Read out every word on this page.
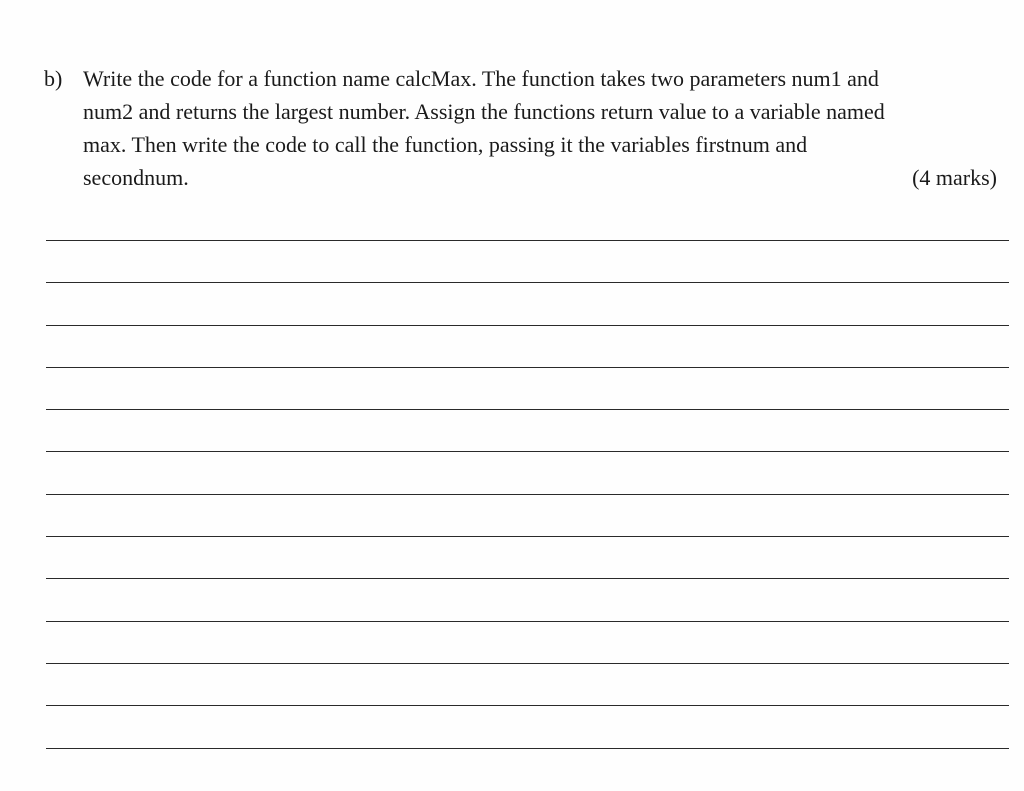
b) Write the code for a function name calcMax. The function takes two parameters num1 and
num2 and returns the largest number. Assign the functions return value to a variable named
max. Then write the code to call the function, passing it the variables firstnum and
secondnum.	(4 marks)
